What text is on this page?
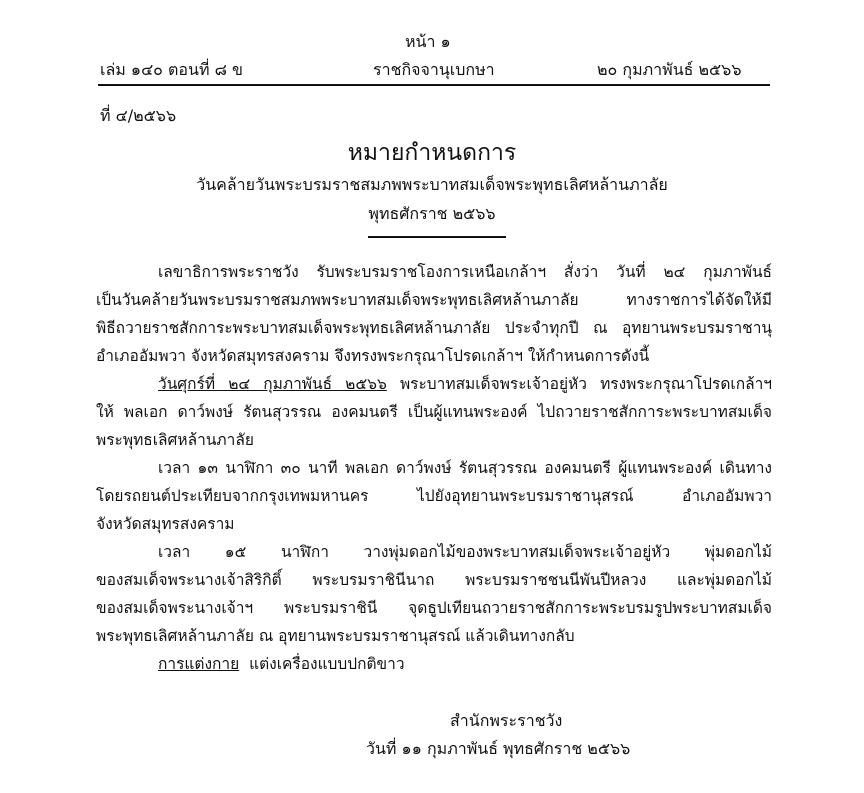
หน้า ๑
เล่ม ๑๔๐ ตอนที่ ๘ ข	ราชกิจจานุเบกษา	๒๐ กุมภาพันธ์ ๒๕๖๖
ที่ ๔/๒๕๖๖
หมายกำหนดการ
วันคล้ายวันพระบรมราชสมภพพระบาทสมเด็จพระพุทธเลิศหล้านภาลัย
พุทธศักราช ๒๕๖๖
เลขาธิการพระราชวัง รับพระบรมราชโองการเหนือเกล้าฯ สั่งว่า วันที่ ๒๔ กุมภาพันธ์
เป็นวันคล้ายวันพระบรมราชสมภพพระบาทสมเด็จพระพุทธเลิศหล้านภาลัย ทางราชการได้จัดให้มี
พิธีถวายราชสักการะพระบาทสมเด็จพระพุทธเลิศหล้านภาลัย ประจำทุกปี ณ อุทยานพระบรมราชานุ
อำเภออัมพวา จังหวัดสมุทรสงคราม จึงทรงพระกรุณาโปรดเกล้าฯ ให้กำหนดการดังนี้
วันศุกร์ที่ ๒๔ กุมภาพันธ์ ๒๕๖๖ พระบาทสมเด็จพระเจ้าอยู่หัว ทรงพระกรุณาโปรดเกล้าฯ
ให้ พลเอก ดาว์พงษ์ รัตนสุวรรณ องคมนตรี เป็นผู้แทนพระองค์ ไปถวายราชสักการะพระบาทสมเด็จ
พระพุทธเลิศหล้านภาลัย
เวลา ๑๓ นาฬิกา ๓๐ นาที พลเอก ดาว์พงษ์ รัตนสุวรรณ องคมนตรี ผู้แทนพระองค์ เดินทาง
โดยรถยนต์ประเทียบจากกรุงเทพมหานคร ไปยังอุทยานพระบรมราชานุสรณ์ อำเภออัมพวา
จังหวัดสมุทรสงคราม
เวลา ๑๕ นาฬิกา วางพุ่มดอกไม้ของพระบาทสมเด็จพระเจ้าอยู่หัว พุ่มดอกไม้
ของสมเด็จพระนางเจ้าสิริกิติ์ พระบรมราชินีนาถ พระบรมราชชนนีพันปีหลวง และพุ่มดอกไม้
ของสมเด็จพระนางเจ้าฯ พระบรมราชินี จุดธูปเทียนถวายราชสักการะพระบรมรูปพระบาทสมเด็จ
พระพุทธเลิศหล้านภาลัย ณ อุทยานพระบรมราชานุสรณ์ แล้วเดินทางกลับ
การแต่งกาย แต่งเครื่องแบบปกติขาว
สำนักพระราชวัง
วันที่ ๑๑ กุมภาพันธ์ พุทธศักราช ๒๕๖๖
